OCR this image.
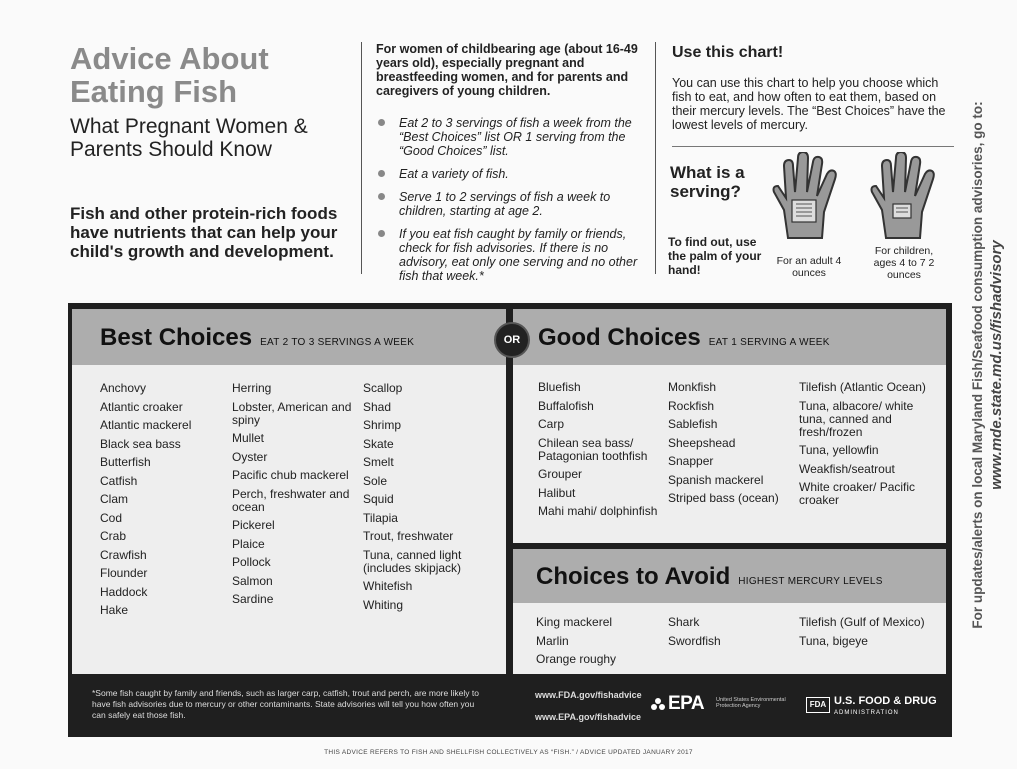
Advice About
Eating Fish
What Pregnant Women & Parents Should Know
Fish and other protein-rich foods have nutrients that can help your child's growth and development.
For women of childbearing age (about 16-49 years old), especially pregnant and breastfeeding women, and for parents and caregivers of young children.
Eat 2 to 3 servings of fish a week from the “Best Choices” list OR 1 serving from the “Good Choices” list.
Eat a variety of fish.
Serve 1 to 2 servings of fish a week to children, starting at age 2.
If you eat fish caught by family or friends, check for fish advisories. If there is no advisory, eat only one serving and no other fish that week.*
Use this chart!
You can use this chart to help you choose which fish to eat, and how often to eat them, based on their mercury levels. The “Best Choices” have the lowest levels of mercury.
What is a serving?
To find out, use the palm of your hand!
For an adult 4 ounces
For children, ages 4 to 7 2 ounces	For updates/alerts on local Maryland Fish/Seafood consumption advisories, go to: www.mde.state.md.us/fishadvisory
Best Choices EAT 2 TO 3 SERVINGS A WEEK
Anchovy
Atlantic croaker
Atlantic mackerel
Black sea bass
Butterfish
Catfish
Clam
Cod
Crab
Crawfish
Flounder
Haddock
Hake
Herring
Lobster, American and spiny
Mullet
Oyster
Pacific chub mackerel
Perch, freshwater and ocean
Pickerel
Plaice
Pollock
Salmon
Sardine
Scallop
Shad
Shrimp
Skate
Smelt
Sole
Squid
Tilapia
Trout, freshwater
Tuna, canned light (includes skipjack)
Whitefish
Whiting
Good Choices EAT 1 SERVING A WEEK
Bluefish
Buffalofish
Carp
Chilean sea bass/ Patagonian toothfish
Grouper
Halibut
Mahi mahi/ dolphinfish
Monkfish
Rockfish
Sablefish
Sheepshead
Snapper
Spanish mackerel
Striped bass (ocean)
Tilefish (Atlantic Ocean)
Tuna, albacore/ white tuna, canned and fresh/frozen
Tuna, yellowfin
Weakfish/seatrout
White croaker/ Pacific croaker
Choices to Avoid HIGHEST MERCURY LEVELS
King mackerel
Marlin
Orange roughy
Shark
Swordfish
Tilefish (Gulf of Mexico)
Tuna, bigeye
OR
*Some fish caught by family and friends, such as larger carp, catfish, trout and perch, are more likely to have fish advisories due to mercury or other contaminants. State advisories will tell you how often you can safely eat those fish.
www.FDA.gov/fishadvice
www.EPA.gov/fishadvice
EPA United States Environmental Protection Agency	FDA U.S. FOOD & DRUG
ADMINISTRATION
THIS ADVICE REFERS TO FISH AND SHELLFISH COLLECTIVELY AS “FISH.” / ADVICE UPDATED JANUARY 2017
